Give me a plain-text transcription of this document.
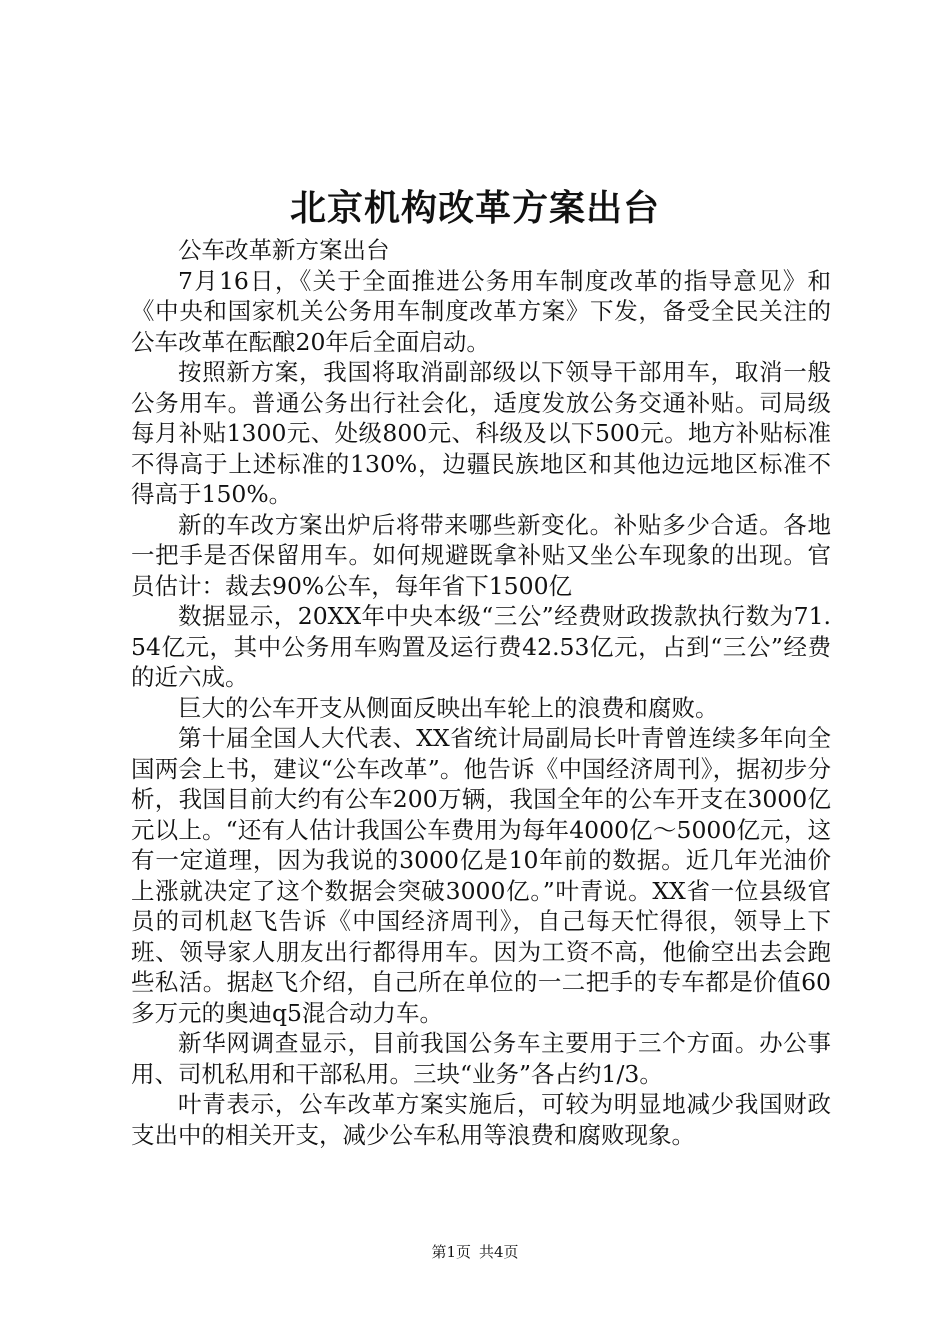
北京机构改革方案出台

公车改革新方案出台

7月16日，《关于全面推进公务用车制度改革的指导意见》和《中央和国家机关公务用车制度改革方案》下发，备受全民关注的公车改革在酝酿20年后全面启动。

按照新方案，我国将取消副部级以下领导干部用车，取消一般公务用车。普通公务出行社会化，适度发放公务交通补贴。司局级每月补贴1300元、处级800元、科级及以下500元。地方补贴标准不得高于上述标准的130%，边疆民族地区和其他边远地区标准不得高于150%。

新的车改方案出炉后将带来哪些新变化。补贴多少合适。各地一把手是否保留用车。如何规避既拿补贴又坐公车现象的出现。官员估计：裁去90%公车，每年省下1500亿

数据显示，20XX年中央本级“三公”经费财政拨款执行数为71.54亿元，其中公务用车购置及运行费42.53亿元，占到“三公”经费的近六成。

巨大的公车开支从侧面反映出车轮上的浪费和腐败。

第十届全国人大代表、XX省统计局副局长叶青曾连续多年向全国两会上书，建议“公车改革”。他告诉《中国经济周刊》，据初步分析，我国目前大约有公车200万辆，我国全年的公车开支在3000亿元以上。“还有人估计我国公车费用为每年4000亿～5000亿元，这有一定道理，因为我说的3000亿是10年前的数据。近几年光油价上涨就决定了这个数据会突破3000亿。”叶青说。XX省一位县级官员的司机赵飞告诉《中国经济周刊》，自己每天忙得很，领导上下班、领导家人朋友出行都得用车。因为工资不高，他偷空出去会跑些私活。据赵飞介绍，自己所在单位的一二把手的专车都是价值60多万元的奥迪q5混合动力车。

新华网调查显示，目前我国公务车主要用于三个方面。办公事用、司机私用和干部私用。三块“业务”各占约1/3。

叶青表示，公车改革方案实施后，可较为明显地减少我国财政支出中的相关开支，减少公车私用等浪费和腐败现象。

第1页 共4页
